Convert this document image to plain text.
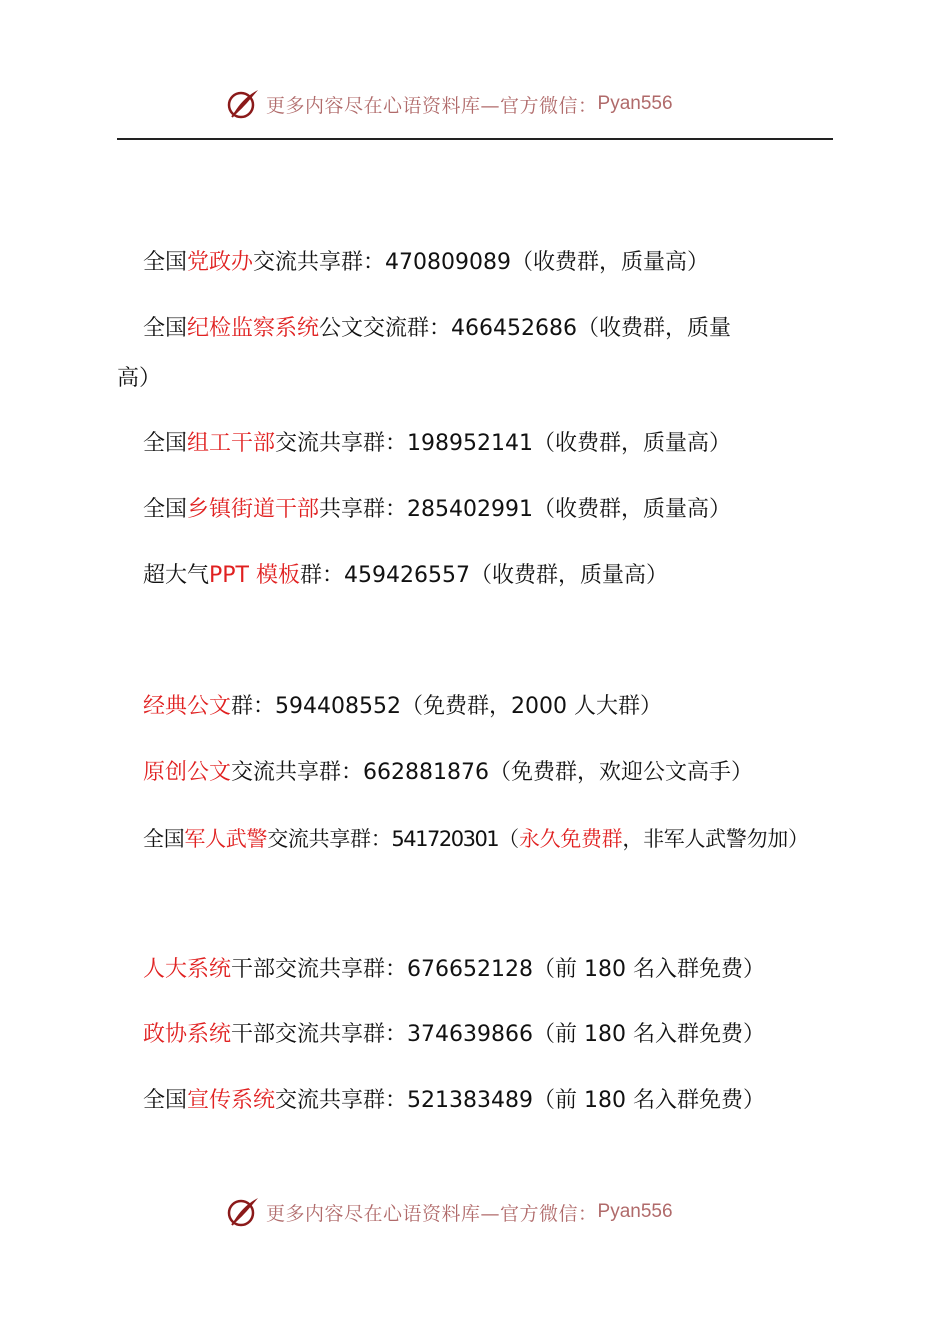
更多内容尽在心语资料库—官方微信： Pyan556
全国党政办交流共享群：470809089（收费群，质量高）
全国纪检监察系统公文交流群：466452686（收费群，质量
高）
全国组工干部交流共享群：198952141（收费群，质量高）
全国乡镇街道干部共享群：285402991（收费群，质量高）
超大气PPT 模板群：459426557（收费群，质量高）
经典公文群：594408552（免费群，2000 人大群）
原创公文交流共享群：662881876（免费群，欢迎公文高手）
全国军人武警交流共享群：541720301（永久免费群，非军人武警勿加）
人大系统干部交流共享群：676652128（前 180 名入群免费）
政协系统干部交流共享群：374639866（前 180 名入群免费）
全国宣传系统交流共享群：521383489（前 180 名入群免费）
更多内容尽在心语资料库—官方微信： Pyan556
